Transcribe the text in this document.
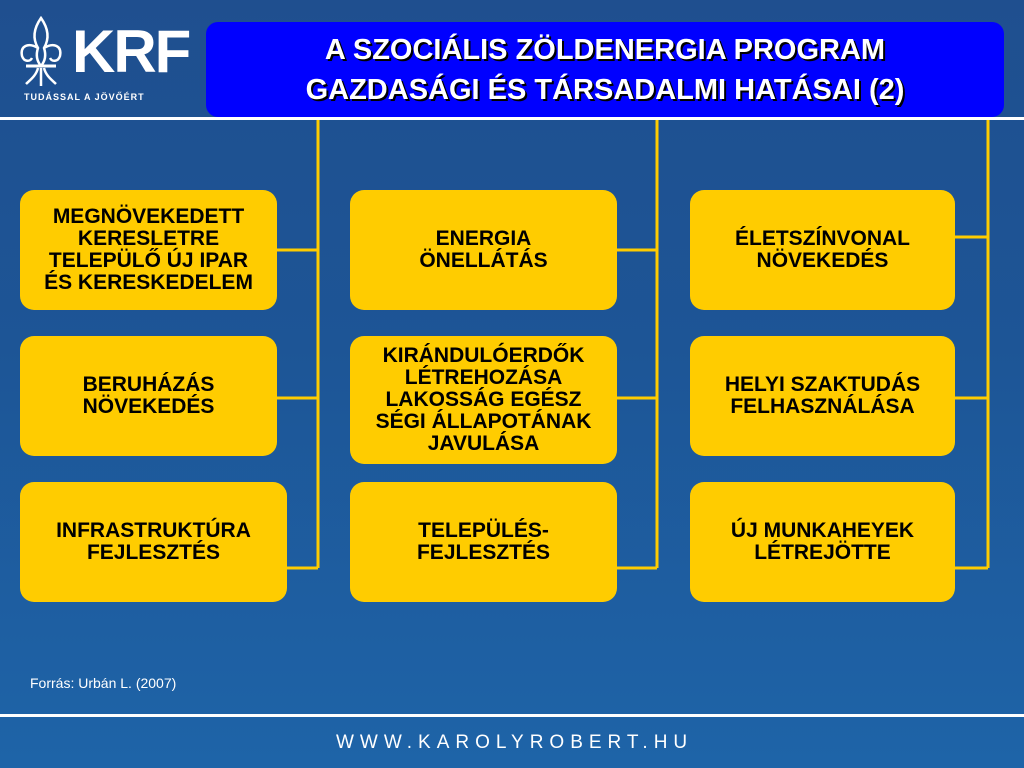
KRF
TUDÁSSAL A JÖVŐÉRT
A SZOCIÁLIS ZÖLDENERGIA PROGRAM
GAZDASÁGI ÉS TÁRSADALMI HATÁSAI (2)
MEGNÖVEKEDETT
KERESLETRE
TELEPÜLŐ ÚJ IPAR
ÉS KERESKEDELEM
BERUHÁZÁS
NÖVEKEDÉS
INFRASTRUKTÚRA
FEJLESZTÉS
ENERGIA
ÖNELLÁTÁS
KIRÁNDULÓERDŐK
LÉTREHOZÁSA
LAKOSSÁG EGÉSZ
SÉGI ÁLLAPOTÁNAK
JAVULÁSA
TELEPÜLÉS-
FEJLESZTÉS
ÉLETSZÍNVONAL
NÖVEKEDÉS
HELYI SZAKTUDÁS
FELHASZNÁLÁSA
ÚJ MUNKAHEYEK
LÉTREJÖTTE
Forrás: Urbán L. (2007)
WWW.KAROLYROBERT.HU
